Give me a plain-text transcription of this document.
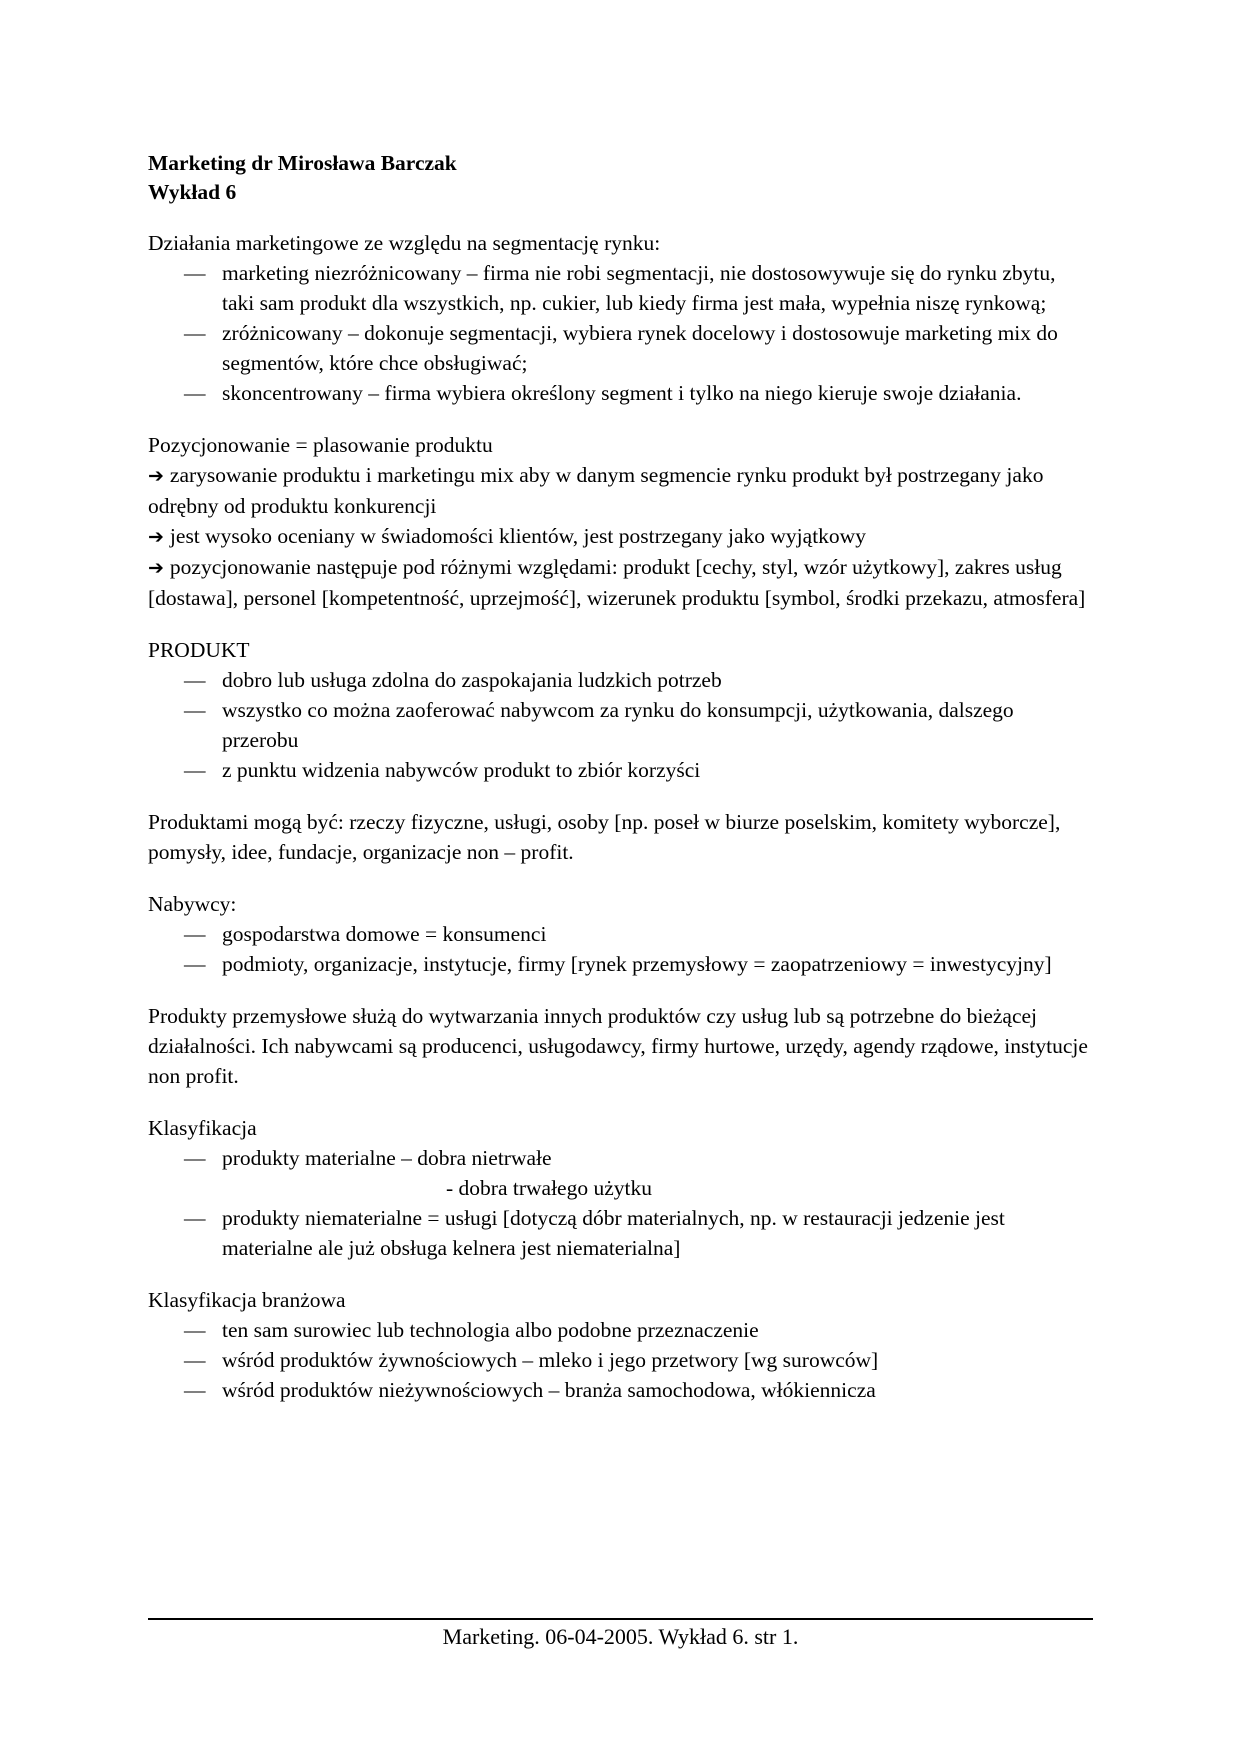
Marketing dr Mirosława Barczak

Wykład 6

Działania marketingowe ze względu na segmentację rynku:

— marketing niezróżnicowany – firma nie robi segmentacji, nie dostosowywuje się do rynku zbytu, taki sam produkt dla wszystkich, np. cukier, lub kiedy firma jest mała, wypełnia niszę rynkową;
— zróżnicowany – dokonuje segmentacji, wybiera rynek docelowy i dostosowuje marketing mix do segmentów, które chce obsługiwać;
— skoncentrowany – firma wybiera określony segment i tylko na niego kieruje swoje działania.

Pozycjonowanie = plasowanie produktu

➔ zarysowanie produktu i marketingu mix aby w danym segmencie rynku produkt był postrzegany jako odrębny od produktu konkurencji

➔ jest wysoko oceniany w świadomości klientów, jest postrzegany jako wyjątkowy

➔ pozycjonowanie następuje pod różnymi względami: produkt [cechy, styl, wzór użytkowy], zakres usług [dostawa], personel [kompetentność, uprzejmość], wizerunek produktu [symbol, środki przekazu, atmosfera]

PRODUKT

— dobro lub usługa zdolna do zaspokajania ludzkich potrzeb
— wszystko co można zaoferować nabywcom za rynku do konsumpcji, użytkowania, dalszego przerobu
— z punktu widzenia nabywców produkt to zbiór korzyści

Produktami mogą być: rzeczy fizyczne, usługi, osoby [np. poseł w biurze poselskim, komitety wyborcze], pomysły, idee, fundacje, organizacje non – profit.

Nabywcy:

— gospodarstwa domowe = konsumenci
— podmioty, organizacje, instytucje, firmy [rynek przemysłowy = zaopatrzeniowy = inwestycyjny]

Produkty przemysłowe służą do wytwarzania innych produktów czy usług lub są potrzebne do bieżącej działalności. Ich nabywcami są producenci, usługodawcy, firmy hurtowe, urzędy, agendy rządowe, instytucje non profit.

Klasyfikacja

— produkty materialne – dobra nietrwałe

- dobra trwałego użytku

— produkty niematerialne = usługi [dotyczą dóbr materialnych, np. w restauracji jedzenie jest materialne ale już obsługa kelnera jest niematerialna]

Klasyfikacja branżowa

— ten sam surowiec lub technologia albo podobne przeznaczenie
— wśród produktów żywnościowych – mleko i jego przetwory [wg surowców]
— wśród produktów nieżywnościowych – branża samochodowa, włókiennicza
Marketing. 06-04-2005. Wykład 6. str 1.
